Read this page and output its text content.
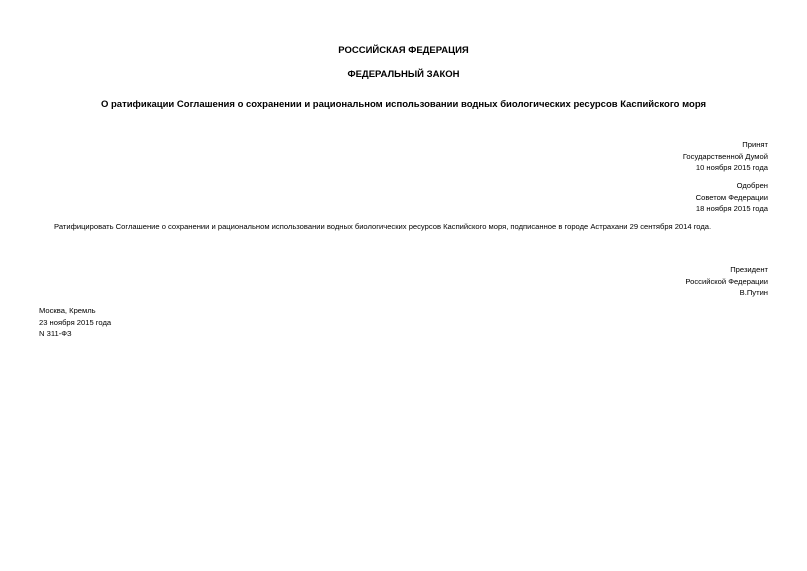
РОССИЙСКАЯ ФЕДЕРАЦИЯ
ФЕДЕРАЛЬНЫЙ ЗАКОН
О ратификации Соглашения о сохранении и рациональном использовании водных биологических ресурсов Каспийского моря
Принят
Государственной Думой
10 ноября 2015 года
Одобрен
Советом Федерации
18 ноября 2015 года
Ратифицировать Соглашение о сохранении и рациональном использовании водных биологических ресурсов Каспийского моря, подписанное в городе Астрахани 29 сентября 2014 года.
Президент
Российской Федерации
В.Путин
Москва, Кремль
23 ноября 2015 года
N 311-ФЗ
